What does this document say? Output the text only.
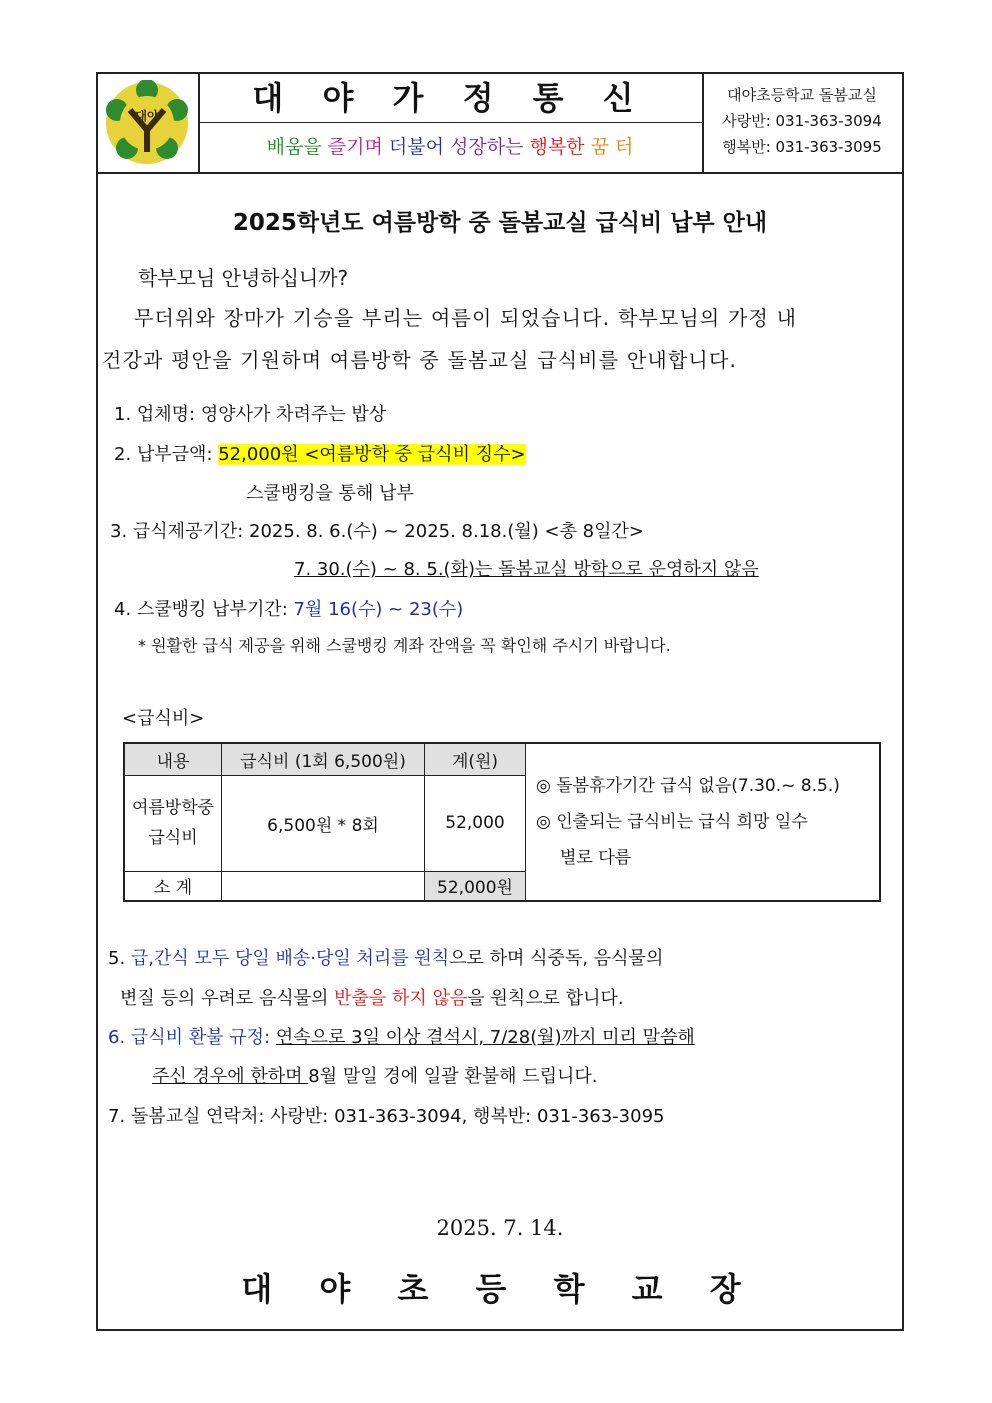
대야	대 야 가 정 통 신
배움을 즐기며 더불어 성장하는 행복한 꿈 터
대야초등학교 돌봄교실
사랑반: 031-363-3094
행복반: 031-363-3095
2025학년도 여름방학 중 돌봄교실 급식비 납부 안내
학부모님 안녕하십니까?
무더위와 장마가 기승을 부리는 여름이 되었습니다. 학부모님의 가정 내
건강과 평안을 기원하며 여름방학 중 돌봄교실 급식비를 안내합니다.
1. 업체명: 영양사가 차려주는 밥상
2. 납부금액: 52,000원 <여름방학 중 급식비 징수>
스쿨뱅킹을 통해 납부
3. 급식제공기간: 2025. 8. 6.(수) ~ 2025. 8.18.(월) <총 8일간>
7. 30.(수) ~ 8. 5.(화)는 돌봄교실 방학으로 운영하지 않음
4. 스쿨뱅킹 납부기간: 7월 16(수) ~ 23(수)
* 원활한 급식 제공을 위해 스쿨뱅킹 계좌 잔액을 꼭 확인해 주시기 바랍니다.
<급식비>
내용	급식비 (1회 6,500원)	계(원)	◎ 돌봄휴가기간 급식 없음(7.30.~ 8.5.)
◎ 인출되는 급식비는 급식 희망 일수
별로 다름

여름방학중
급식비	6,500원 * 8회	52,000	
소 계		52,000원	
5. 급,간식 모두 당일 배송·당일 처리를 원칙으로 하며 식중독, 음식물의
변질 등의 우려로 음식물의 반출을 하지 않음을 원칙으로 합니다.
6. 급식비 환불 규정: 연속으로 3일 이상 결석시, 7/28(월)까지 미리 말씀해
주신 경우에 한하며 8월 말일 경에 일괄 환불해 드립니다.
7. 돌봄교실 연락처: 사랑반: 031-363-3094, 행복반: 031-363-3095
2025. 7. 14.
대 야 초 등 학 교 장
